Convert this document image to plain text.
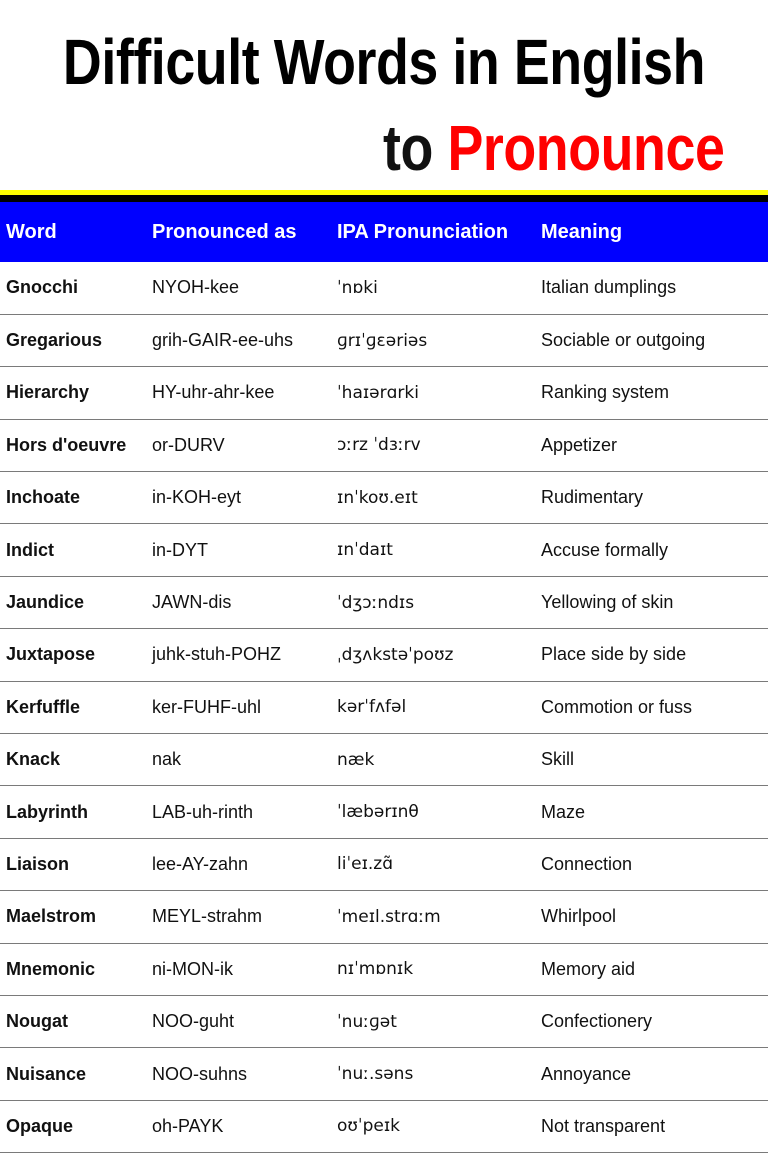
Difficult Words in English
to Pronounce
Word	Pronounced as	IPA Pronunciation	Meaning
Gnocchi	NYOH-kee	ˈnɒki	Italian dumplings
Gregarious	grih-GAIR-ee-uhs	ɡrɪˈɡɛəriəs	Sociable or outgoing
Hierarchy	HY-uhr-ahr-kee	ˈhaɪərɑrki	Ranking system
Hors d'oeuvre	or-DURV	ɔːrz ˈdɜːrv	Appetizer
Inchoate	in-KOH-eyt	ɪnˈkoʊ.eɪt	Rudimentary
Indict	in-DYT	ɪnˈdaɪt	Accuse formally
Jaundice	JAWN-dis	ˈdʒɔːndɪs	Yellowing of skin
Juxtapose	juhk-stuh-POHZ	ˌdʒʌkstəˈpoʊz	Place side by side
Kerfuffle	ker-FUHF-uhl	kərˈfʌfəl	Commotion or fuss
Knack	nak	næk	Skill
Labyrinth	LAB-uh-rinth	ˈlæbərɪnθ	Maze
Liaison	lee-AY-zahn	liˈeɪ.zɑ̃	Connection
Maelstrom	MEYL-strahm	ˈmeɪl.strɑːm	Whirlpool
Mnemonic	ni-MON-ik	nɪˈmɒnɪk	Memory aid
Nougat	NOO-guht	ˈnuːɡət	Confectionery
Nuisance	NOO-suhns	ˈnuː.səns	Annoyance
Opaque	oh-PAYK	oʊˈpeɪk	Not transparent
